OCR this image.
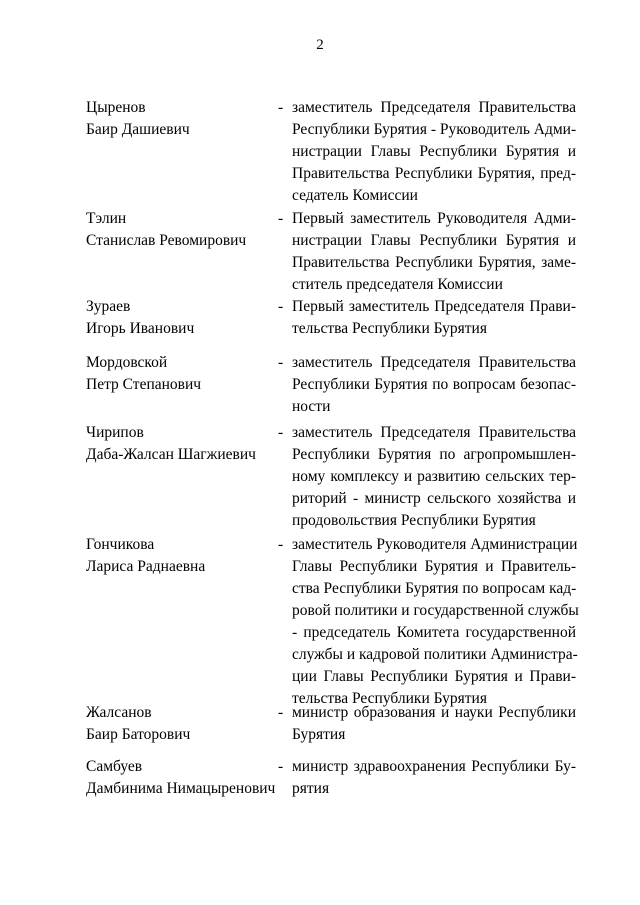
2
Цыренов
Баир Дашиевич
- заместитель Председателя Правительства
Республики Бурятия - Руководитель Адми-
нистрации Главы Республики Бурятия и
Правительства Республики Бурятия, пред-
седатель Комиссии
Тэлин
Станислав Ревомирович
- Первый заместитель Руководителя Адми-
нистрации Главы Республики Бурятия и
Правительства Республики Бурятия, заме-
ститель председателя Комиссии
Зураев
Игорь Иванович
- Первый заместитель Председателя Прави-
тельства Республики Бурятия
Мордовской
Петр Степанович
- заместитель Председателя Правительства
Республики Бурятия по вопросам безопас-
ности
Чирипов
Даба-Жалсан Шагжиевич
- заместитель Председателя Правительства
Республики Бурятия по агропромышлен-
ному комплексу и развитию сельских тер-
риторий - министр сельского хозяйства и
продовольствия Республики Бурятия
Гончикова
Лариса Раднаевна
- заместитель Руководителя Администрации
Главы Республики Бурятия и Правитель-
ства Республики Бурятия по вопросам кад-
ровой политики и государственной службы
- председатель Комитета государственной
службы и кадровой политики Администра-
ции Главы Республики Бурятия и Прави-
тельства Республики Бурятия
Жалсанов
Баир Баторович
- министр образования и науки Республики
Бурятия
Самбуев
Дамбинима Нимацыренович
- министр здравоохранения Республики Бу-
рятия
